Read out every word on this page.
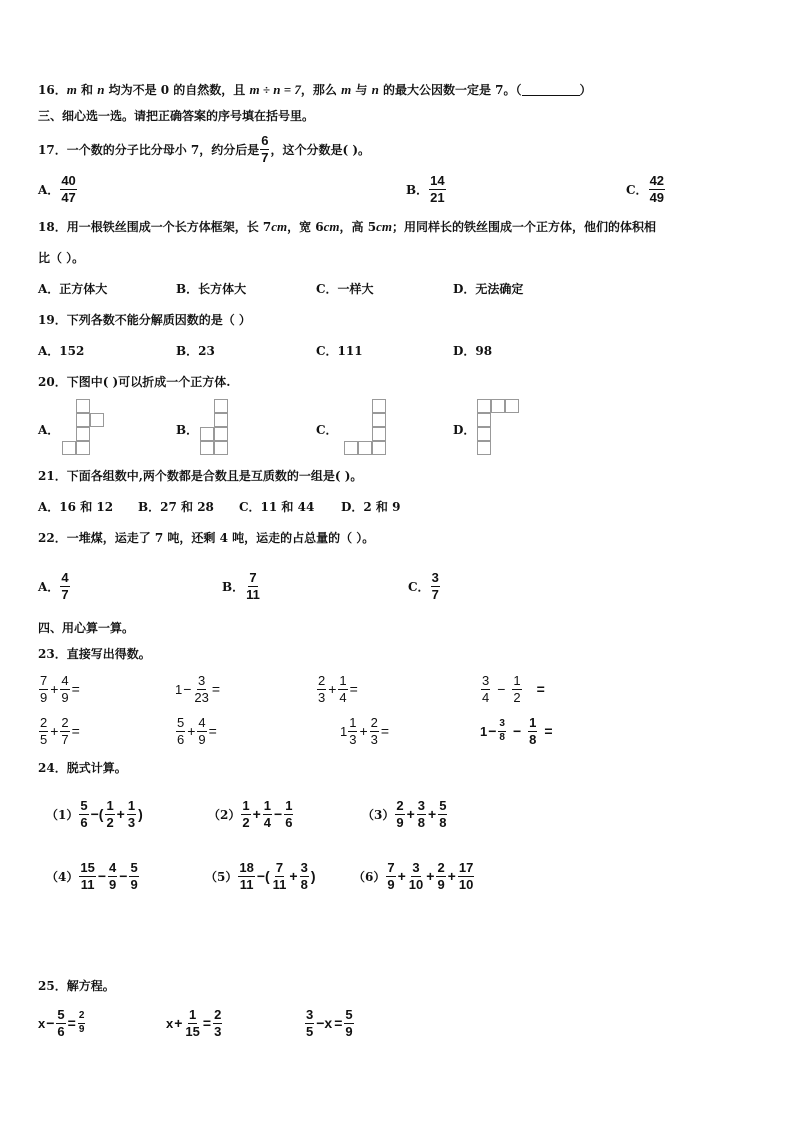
16．m 和 n 均为不是 0 的自然数，且 m ÷ n = 7，那么 m 与 n 的最大公因数一定是 7。（	）
三、细心选一选。请把正确答案的序号填在括号里。
17．一个数的分子比分母小 7，约分后是 $\frac{6}{7}$ ，这个分数是( )。
A． $\frac{40}{47}$	B． $\frac{14}{21}$	C． $\frac{42}{49}$
18．用一根铁丝围成一个长方体框架，长 7cm，宽 6cm，高 5cm；用同样长的铁丝围成一个正方体，他们的体积相
比（ ）。
A．正方体大	B．长方体大	C．一样大	D．无法确定
19．下列各数不能分解质因数的是（ ）
A．152	B．23	C．111	D．98
20．下图中( )可以折成一个正方体.
A．	B．	C．	D．
21．下面各组数中,两个数都是合数且是互质数的一组是( )。
A．16 和 12 B．27 和 28 C．11 和 44 D．2 和 9
22．一堆煤，运走了 7 吨，还剩 4 吨，运走的占总量的（ ）。
A． $\frac{4}{7}$	B． $\frac{7}{11}$	C． $\frac{3}{7}$
四、用心算一算。
23．直接写出得数。
$\frac{7}{9} + \frac{4}{9}$ =	$1 - \frac{3}{23}$ =	$\frac{2}{3} + \frac{1}{4}$ =	$\frac{3}{4} - \frac{1}{2}$ =
$\frac{2}{5} + \frac{2}{7}$ =	$\frac{5}{6} + \frac{4}{9}$ =	$1 \frac{1}{3} + \frac{2}{3}$ =	$1 - \frac{3}{8} - \frac{1}{8}$ =
24．脱式计算。
$(1) \frac{5}{6}$ −( $\frac{1}{2} + \frac{1}{3}$ )	$(2) \frac{1}{2} + \frac{1}{4} - \frac{1}{6}$	$(3) \frac{2}{9} + \frac{3}{8} + \frac{5}{8}$
$(4) \frac{15}{11} - \frac{4}{9} - \frac{5}{9}$	$(5) \frac{18}{11}$ −( $\frac{7}{11} + \frac{3}{8}$ )	$(6) \frac{7}{9} + \frac{3}{10} + \frac{2}{9} + \frac{17}{10}$
25．解方程。
$x - \frac{5}{6} = \frac{2}{9}$	$x + \frac{1}{15} = \frac{2}{3}$	$\frac{3}{5} -x = \frac{5}{9}$
